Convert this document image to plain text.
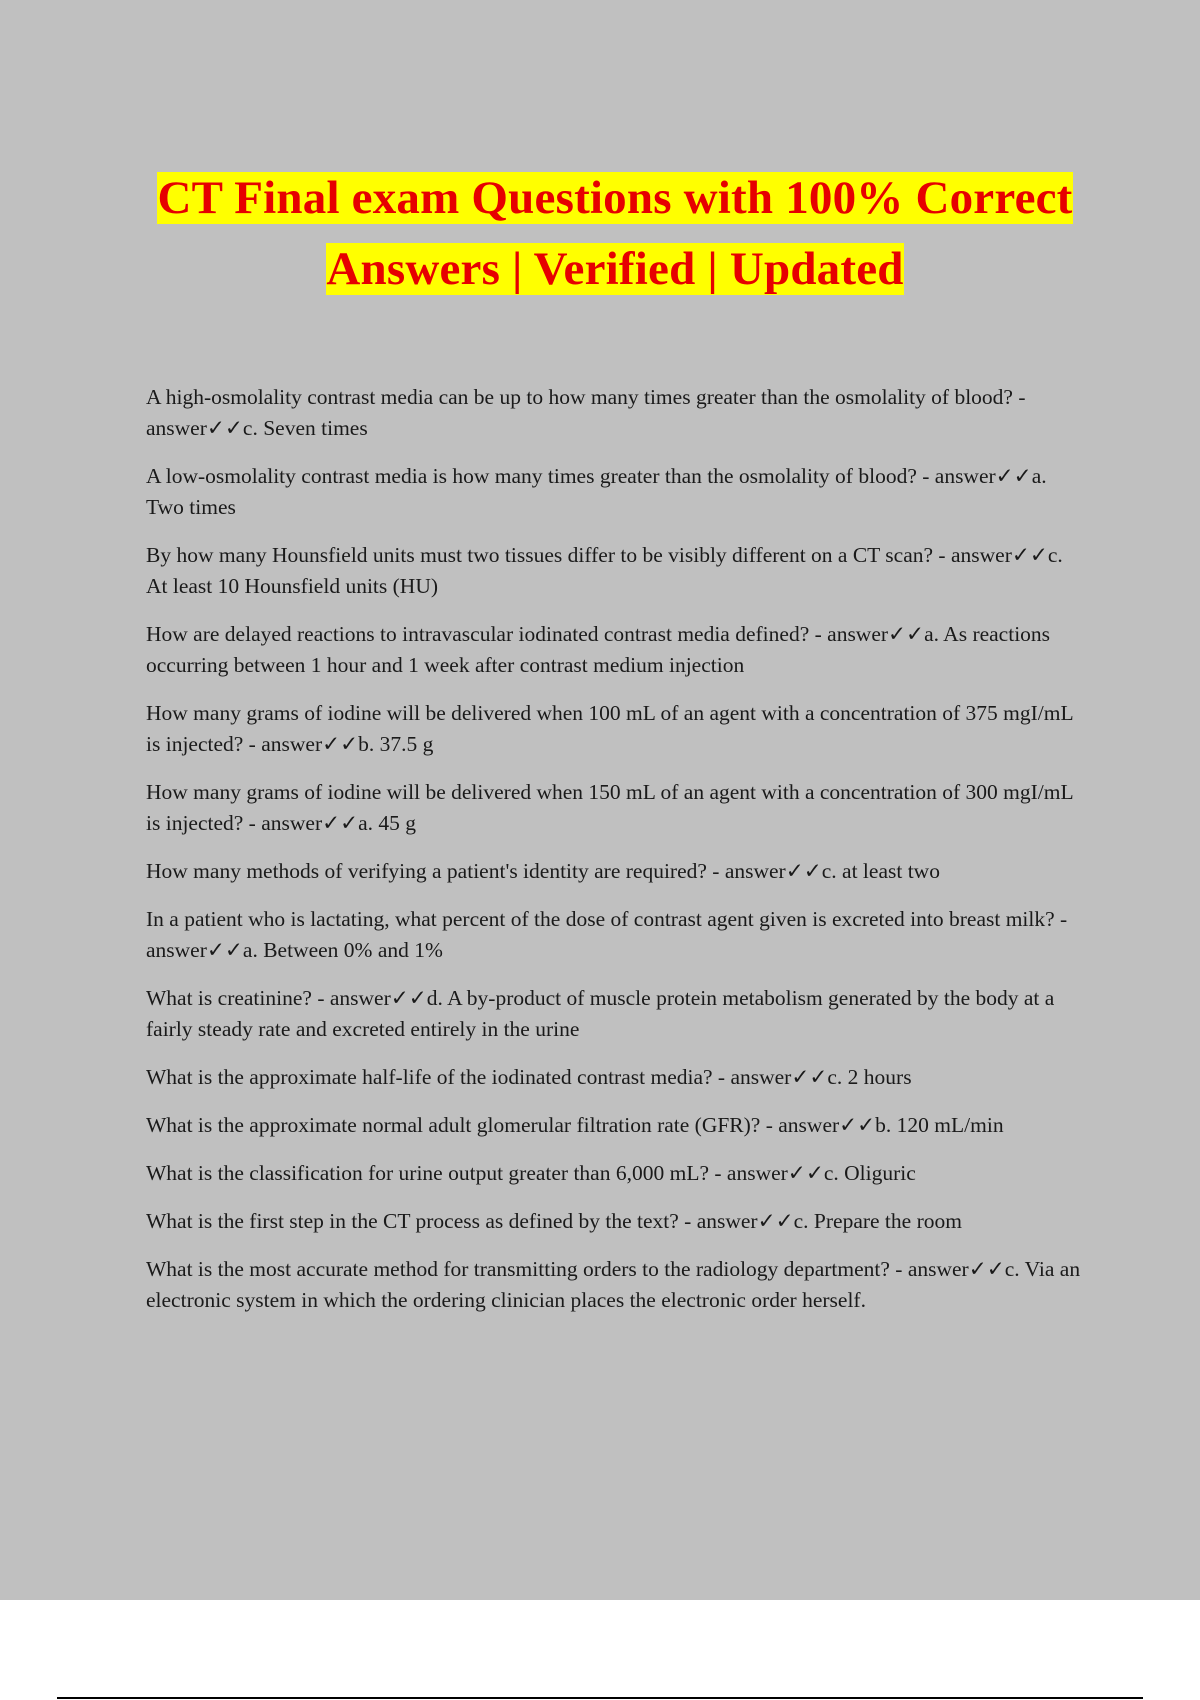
CT Final exam Questions with 100% Correct
Answers | Verified | Updated

A high-osmolality contrast media can be up to how many times greater than the osmolality of blood? - answer✓✓c. Seven times

A low-osmolality contrast media is how many times greater than the osmolality of blood? - answer✓✓a. Two times

By how many Hounsfield units must two tissues differ to be visibly different on a CT scan? - answer✓✓c. At least 10 Hounsfield units (HU)

How are delayed reactions to intravascular iodinated contrast media defined? - answer✓✓a. As reactions occurring between 1 hour and 1 week after contrast medium injection

How many grams of iodine will be delivered when 100 mL of an agent with a concentration of 375 mgI/mL is injected? - answer✓✓b. 37.5 g

How many grams of iodine will be delivered when 150 mL of an agent with a concentration of 300 mgI/mL is injected? - answer✓✓a. 45 g

How many methods of verifying a patient's identity are required? - answer✓✓c. at least two

In a patient who is lactating, what percent of the dose of contrast agent given is excreted into breast milk? - answer✓✓a. Between 0% and 1%

What is creatinine? - answer✓✓d. A by-product of muscle protein metabolism generated by the body at a fairly steady rate and excreted entirely in the urine

What is the approximate half-life of the iodinated contrast media? - answer✓✓c. 2 hours

What is the approximate normal adult glomerular filtration rate (GFR)? - answer✓✓b. 120 mL/min

What is the classification for urine output greater than 6,000 mL? - answer✓✓c. Oliguric

What is the first step in the CT process as defined by the text? - answer✓✓c. Prepare the room

What is the most accurate method for transmitting orders to the radiology department? - answer✓✓c. Via an electronic system in which the ordering clinician places the electronic order herself.
